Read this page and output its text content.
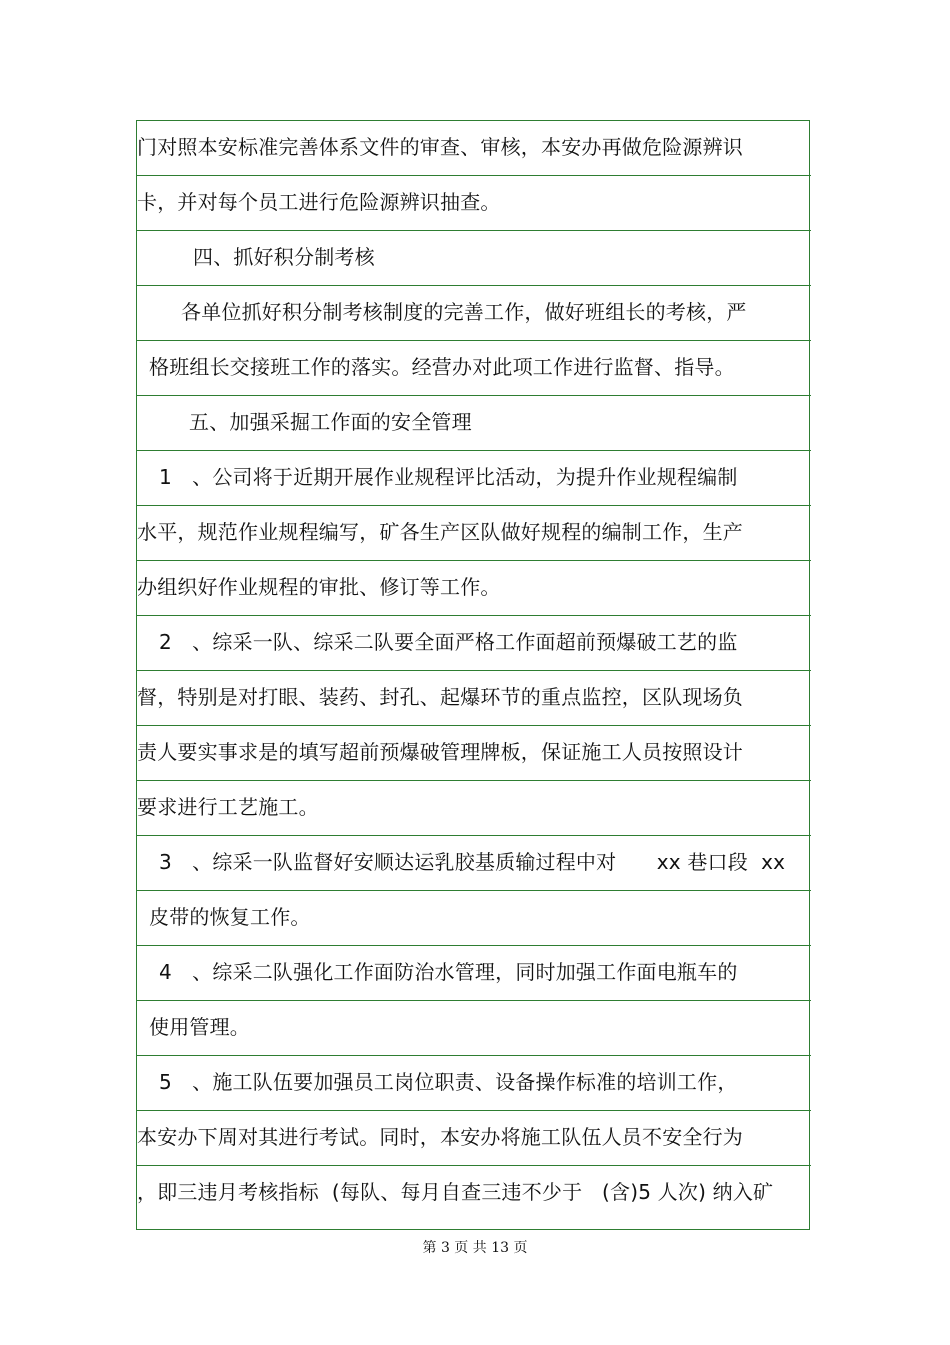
门对照本安标准完善体系文件的审查、审核，本安办再做危险源辨识
卡，并对每个员工进行危险源辨识抽查。
四、抓好积分制考核
各单位抓好积分制考核制度的完善工作，做好班组长的考核，严
格班组长交接班工作的落实。经营办对此项工作进行监督、指导。
五、加强采掘工作面的安全管理
1　、公司将于近期开展作业规程评比活动，为提升作业规程编制
水平，规范作业规程编写，矿各生产区队做好规程的编制工作，生产
办组织好作业规程的审批、修订等工作。
2　、综采一队、综采二队要全面严格工作面超前预爆破工艺的监
督，特别是对打眼、装药、封孔、起爆环节的重点监控，区队现场负
责人要实事求是的填写超前预爆破管理牌板，保证施工人员按照设计
要求进行工艺施工。
3　、综采一队监督好安顺达运乳胶基质输过程中对　　xx 巷口段  xx
皮带的恢复工作。
4　、综采二队强化工作面防治水管理，同时加强工作面电瓶车的
使用管理。
5　、施工队伍要加强员工岗位职责、设备操作标准的培训工作，
本安办下周对其进行考试。同时，本安办将施工队伍人员不安全行为
，即三违月考核指标  (每队、每月自查三违不少于   (含)5 人次) 纳入矿
第 3 页 共 13 页
